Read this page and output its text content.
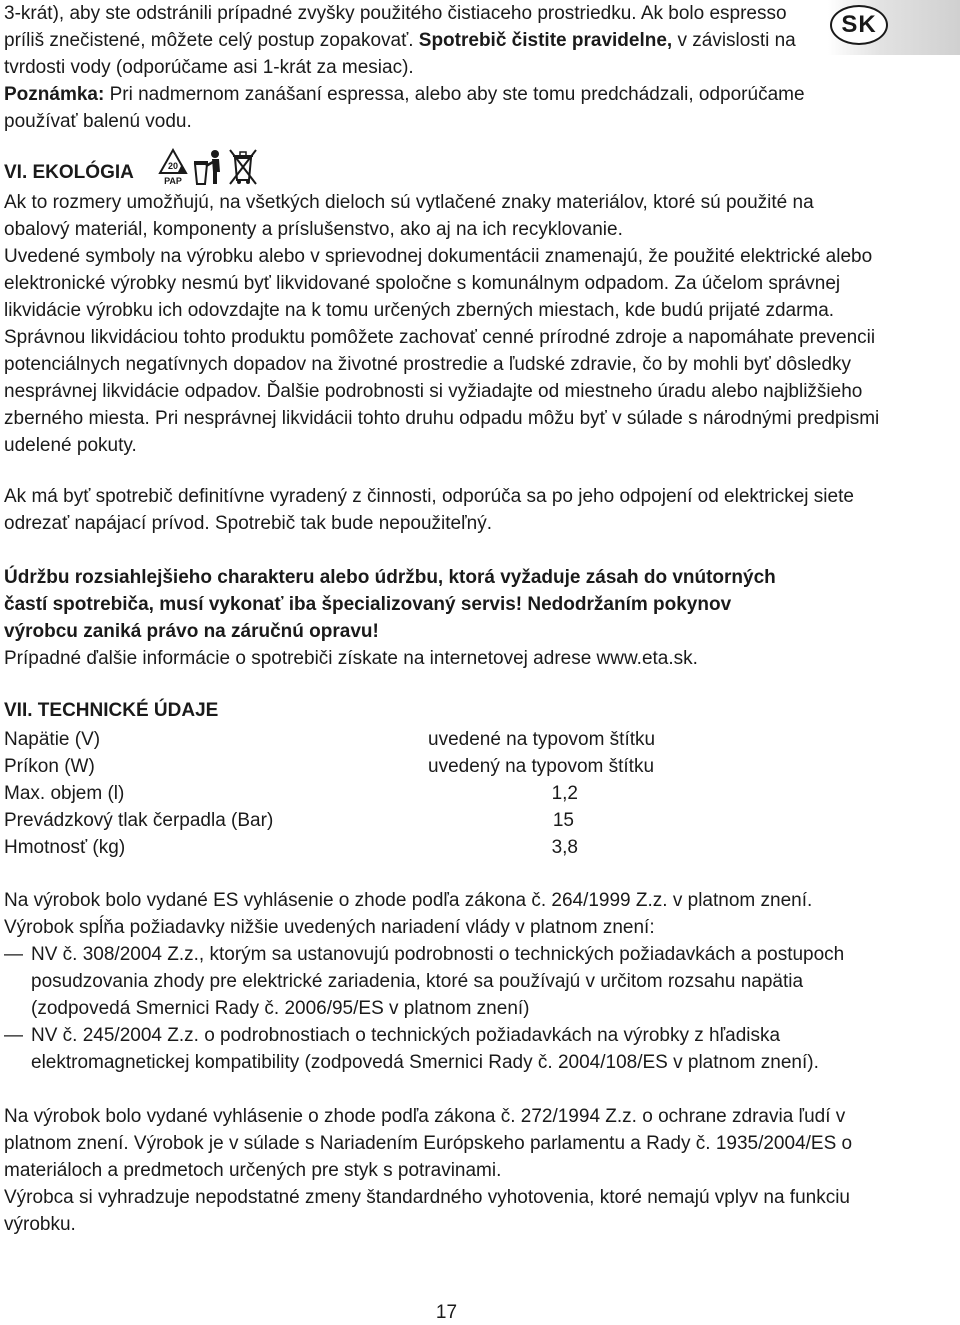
SK

3-krát), aby ste odstránili prípadné zvyšky použitého čistiaceho prostriedku. Ak bolo espresso príliš znečistené, môžete celý postup zopakovať. Spotrebič čistite pravidelne, v závislosti na tvrdosti vody (odporúčame asi 1-krát za mesiac).

Poznámka: Pri nadmernom zanášaní espressa, alebo aby ste tomu predchádzali, odporúčame používať balenú vodu.

VI. EKOLÓGIA	20
PAP

Ak to rozmery umožňujú, na všetkých dieloch sú vytlačené znaky materiálov, ktoré sú použité na obalový materiál, komponenty a príslušenstvo, ako aj na ich recyklovanie.

Uvedené symboly na výrobku alebo v sprievodnej dokumentácii znamenajú, že použité elektrické alebo elektronické výrobky nesmú byť likvidované spoločne s komunálnym odpadom. Za účelom správnej likvidácie výrobku ich odovzdajte na k tomu určených zberných miestach, kde budú prijaté zdarma. Správnou likvidáciou tohto produktu pomôžete zachovať cenné prírodné zdroje a napomáhate prevencii potenciálnych negatívnych dopadov na životné prostredie a ľudské zdravie, čo by mohli byť dôsledky nesprávnej likvidácie odpadov. Ďalšie podrobnosti si vyžiadajte od miestneho úradu alebo najbližšieho zberného miesta. Pri nesprávnej likvidácii tohto druhu odpadu môžu byť v súlade s národnými predpismi udelené pokuty.

Ak má byť spotrebič definitívne vyradený z činnosti, odporúča sa po jeho odpojení od elektrickej siete odrezať napájací prívod. Spotrebič tak bude nepoužiteľný.

Údržbu rozsiahlejšieho charakteru alebo údržbu, ktorá vyžaduje zásah do vnútorných častí spotrebiča, musí vykonať iba špecializovaný servis! Nedodržaním pokynov výrobcu zaniká právo na záručnú opravu!

Prípadné ďalšie informácie o spotrebiči získate na internetovej adrese www.eta.sk.

VII. TECHNICKÉ ÚDAJE
Napätie (V)	uvedené na typovom štítku
Príkon (W)	uvedený na typovom štítku
Max. objem (l)	1,2
Prevádzkový tlak čerpadla (Bar)	15
Hmotnosť (kg)	3,8

Na výrobok bolo vydané ES vyhlásenie o zhode podľa zákona č. 264/1999 Z.z. v platnom znení. Výrobok spĺňa požiadavky nižšie uvedených nariadení vlády v platnom znení:

— NV č. 308/2004 Z.z., ktorým sa ustanovujú podrobnosti o technických požiadavkách a postupoch posudzovania zhody pre elektrické zariadenia, ktoré sa používajú v určitom rozsahu napätia (zodpovedá Smernici Rady č. 2006/95/ES v platnom znení)
— NV č. 245/2004 Z.z. o podrobnostiach o technických požiadavkách na výrobky z hľadiska elektromagnetickej kompatibility (zodpovedá Smernici Rady č. 2004/108/ES v platnom znení).

Na výrobok bolo vydané vyhlásenie o zhode podľa zákona č. 272/1994 Z.z. o ochrane zdravia ľudí v platnom znení. Výrobok je v súlade s Nariadením Európskeho parlamentu a Rady č. 1935/2004/ES o materiáloch a predmetoch určených pre styk s potravinami.

Výrobca si vyhradzuje nepodstatné zmeny štandardného vyhotovenia, ktoré nemajú vplyv na funkciu výrobku.

17
